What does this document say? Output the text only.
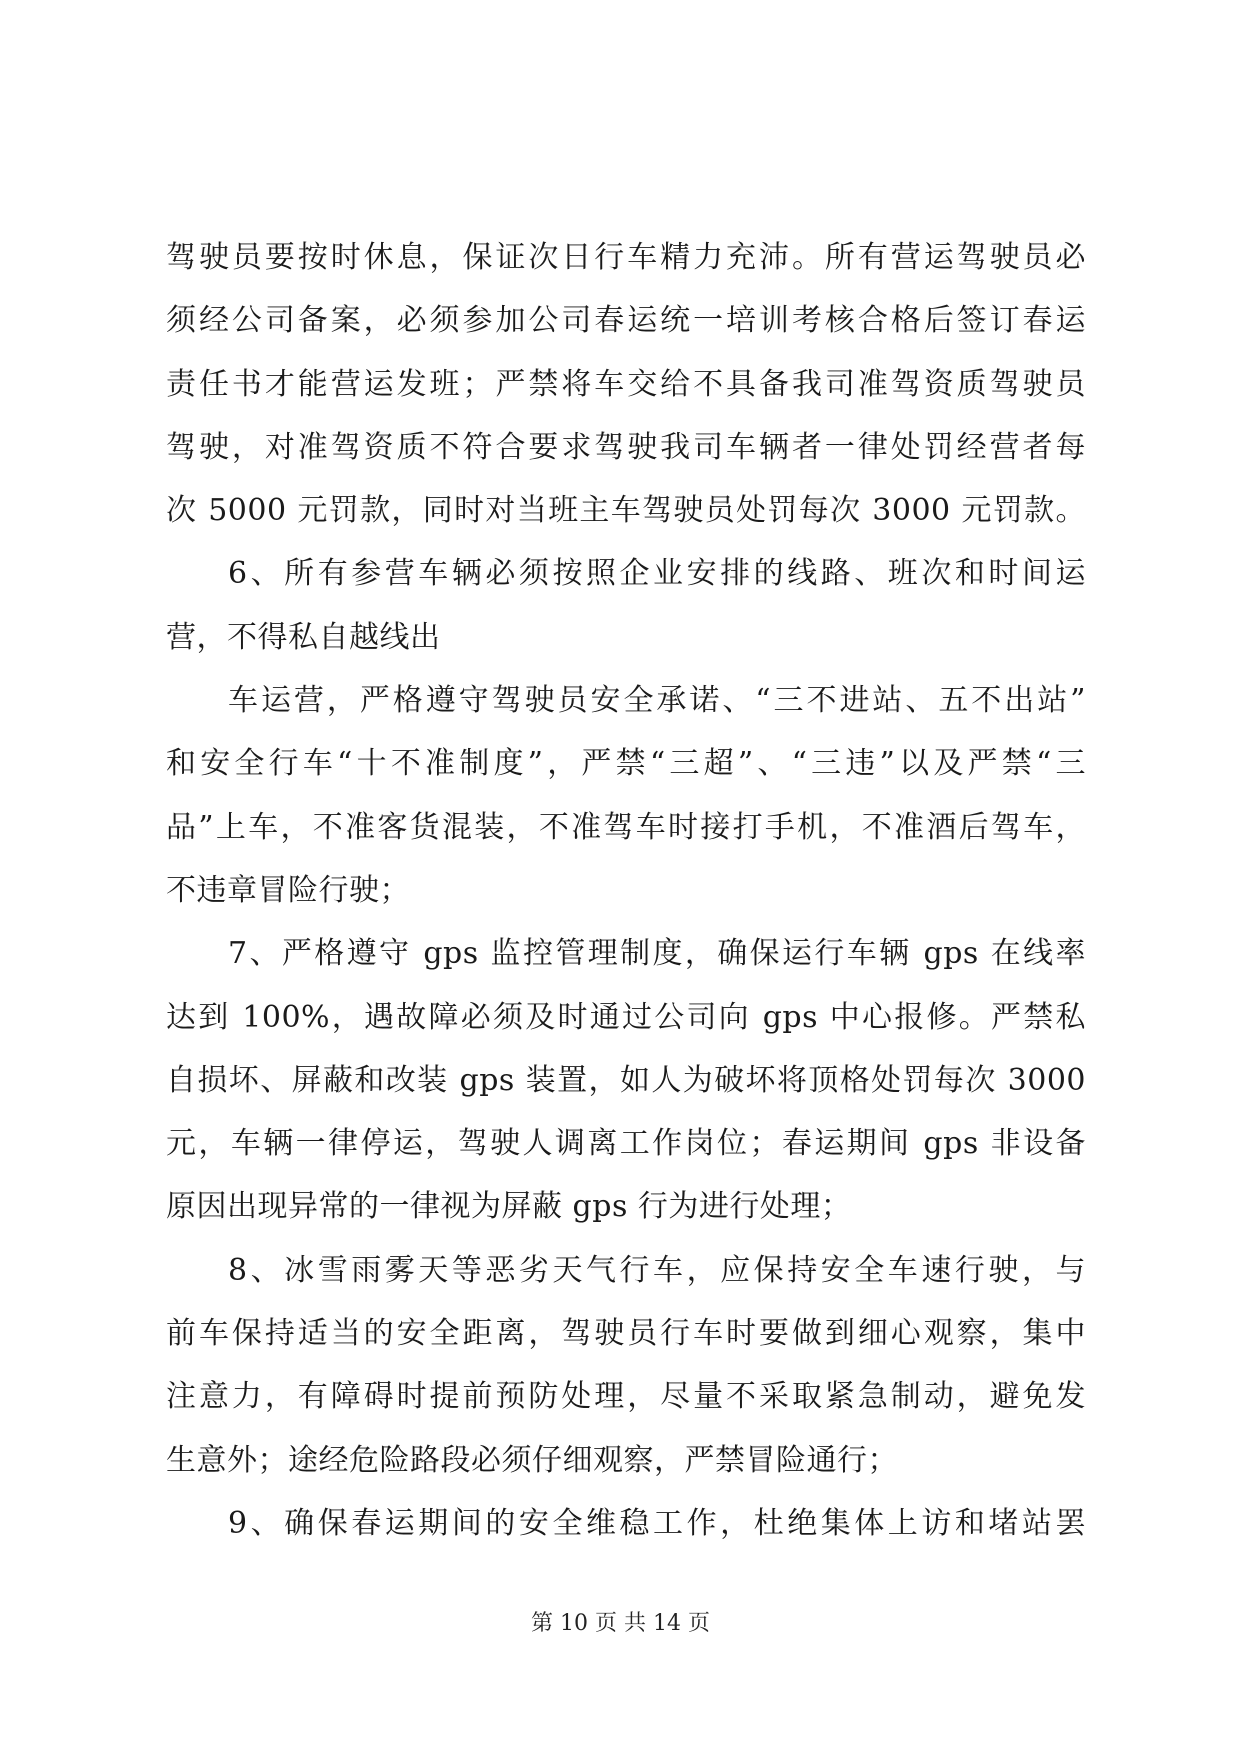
驾驶员要按时休息，保证次日行车精力充沛。所有营运驾驶员必
须经公司备案，必须参加公司春运统一培训考核合格后签订春运
责任书才能营运发班；严禁将车交给不具备我司准驾资质驾驶员
驾驶，对准驾资质不符合要求驾驶我司车辆者一律处罚经营者每
次 5000 元罚款，同时对当班主车驾驶员处罚每次 3000 元罚款。
6、所有参营车辆必须按照企业安排的线路、班次和时间运
营，不得私自越线出
车运营，严格遵守驾驶员安全承诺、“三不进站、五不出站”
和安全行车“十不准制度”，严禁“三超”、“三违”以及严禁“三
品”上车，不准客货混装，不准驾车时接打手机，不准酒后驾车，
不违章冒险行驶；
7、严格遵守 gps 监控管理制度，确保运行车辆 gps 在线率
达到 100%，遇故障必须及时通过公司向 gps 中心报修。严禁私
自损坏、屏蔽和改装 gps 装置，如人为破坏将顶格处罚每次 3000
元，车辆一律停运，驾驶人调离工作岗位；春运期间 gps 非设备
原因出现异常的一律视为屏蔽 gps 行为进行处理；
8、冰雪雨雾天等恶劣天气行车，应保持安全车速行驶，与
前车保持适当的安全距离，驾驶员行车时要做到细心观察，集中
注意力，有障碍时提前预防处理，尽量不采取紧急制动，避免发
生意外；途经危险路段必须仔细观察，严禁冒险通行；
9、确保春运期间的安全维稳工作，杜绝集体上访和堵站罢
第 10 页 共 14 页
